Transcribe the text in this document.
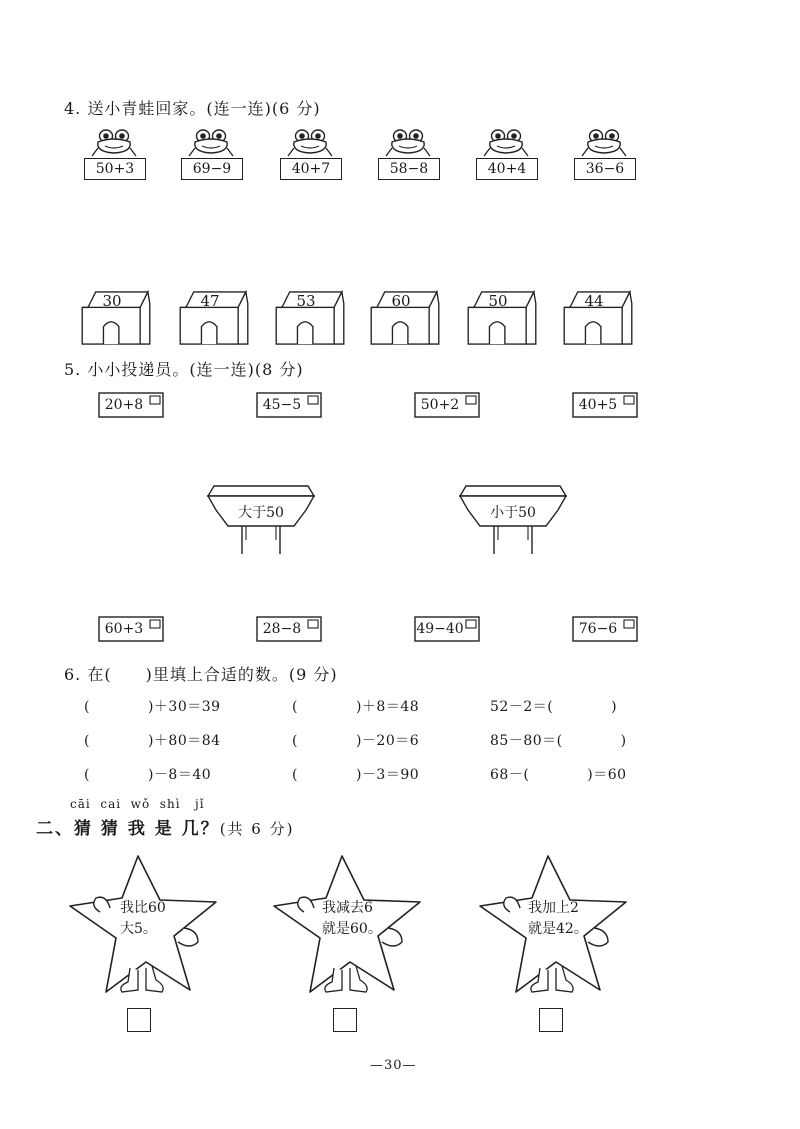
4. 送小青蛙回家。(连一连)(6 分)
50+3	69−9	40+7	58−8	40+4	36−6
30	47	53	60	50	44
5. 小小投递员。(连一连)(8 分)
20+8	45−5	50+2	40+5
大于50	小于50
60+3	28−8	49−40	76−6
6. 在(　　)里填上合适的数。(9 分)
(　　　　)＋30＝39	(　　　　)＋8＝48	52－2＝(　　　　)
(　　　　)＋80＝84	(　　　　)－20＝6	85－80＝(　　　　)
(　　　　)－8＝40	(　　　　)－3＝90	68－(　　　　)＝60
cāi  cai  wǒ  shì   jǐ
二、猜 猜 我 是 几？(共 6 分)
我比60
大5。
我减去6
就是60。
我加上2
就是42。
—30—
